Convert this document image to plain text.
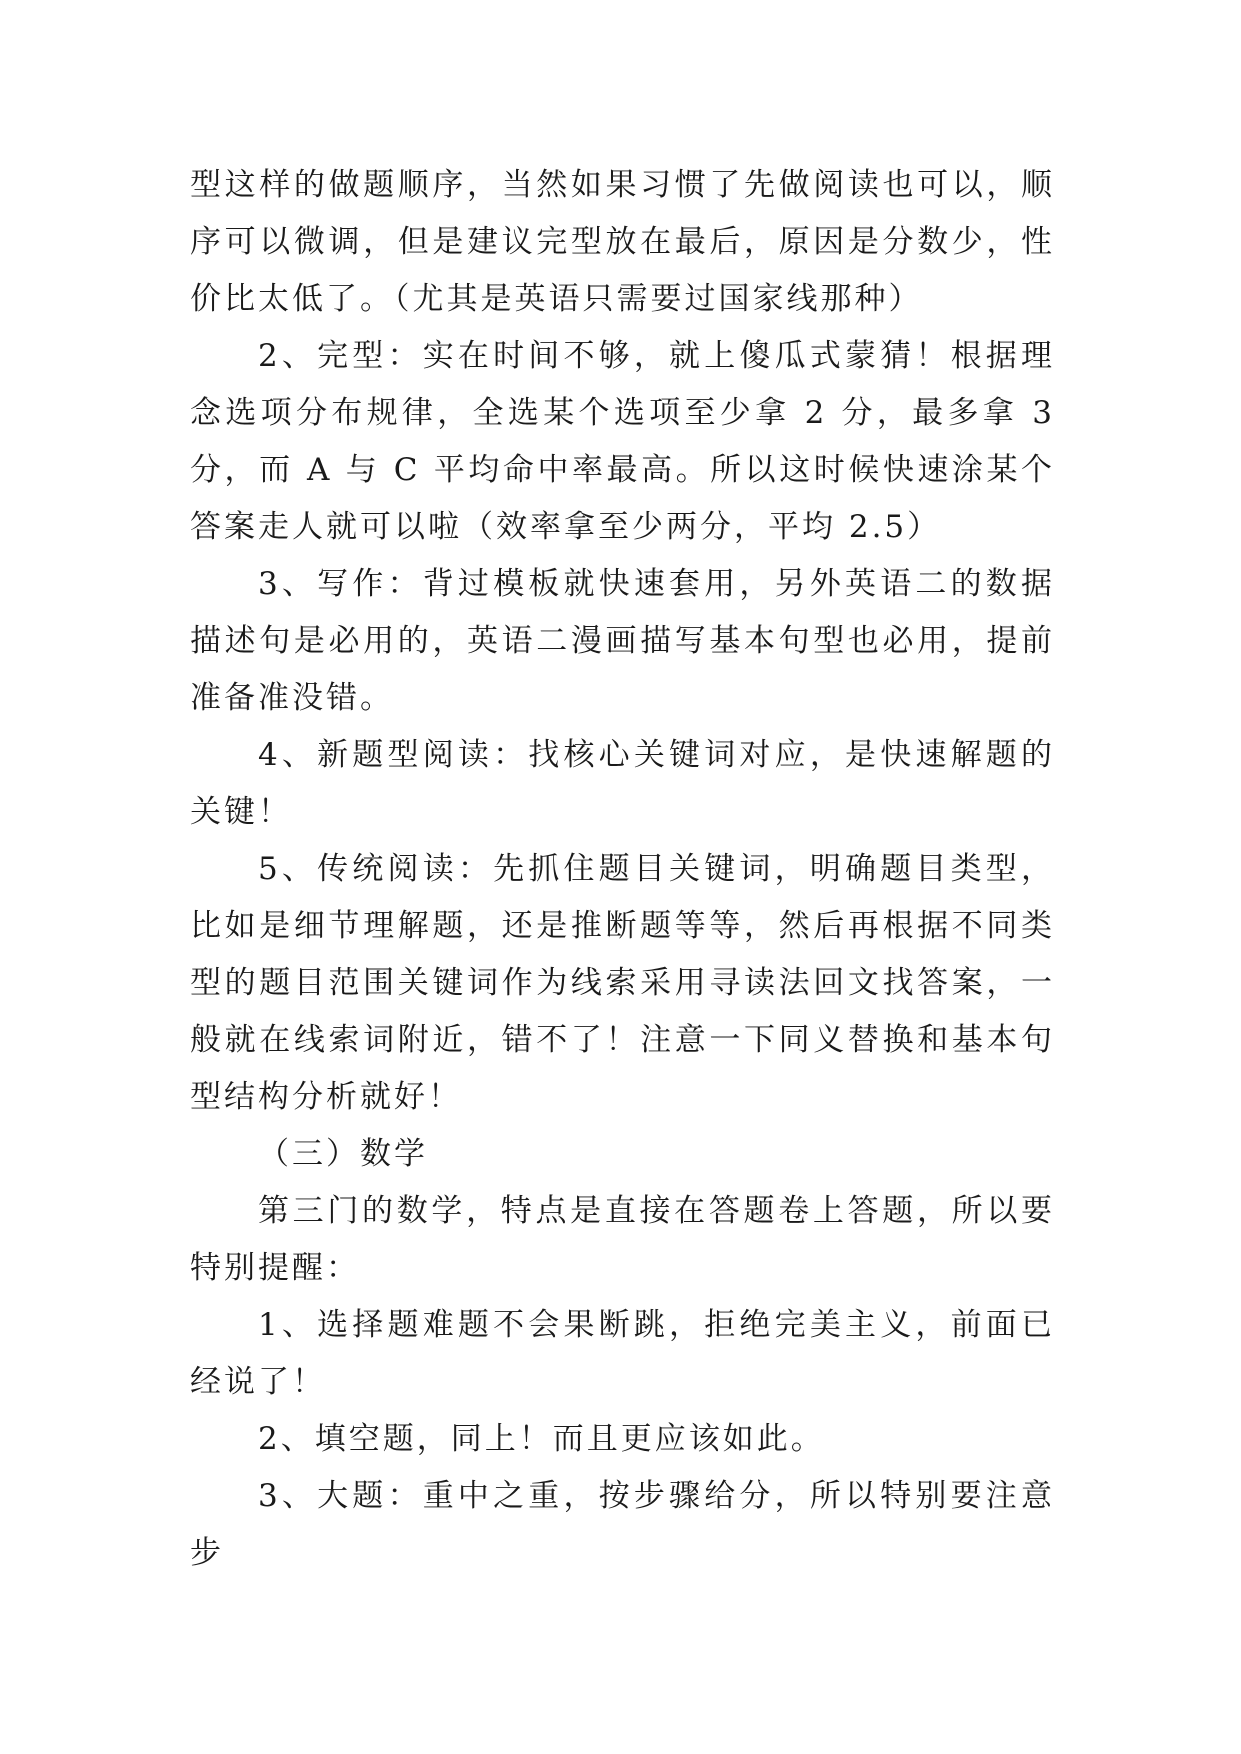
型这样的做题顺序，当然如果习惯了先做阅读也可以，顺序可以微调，但是建议完型放在最后，原因是分数少，性价比太低了。（尤其是英语只需要过国家线那种）

2、完型：实在时间不够，就上傻瓜式蒙猜！根据理念选项分布规律，全选某个选项至少拿 2 分，最多拿 3 分，而 A 与 C 平均命中率最高。所以这时候快速涂某个答案走人就可以啦（效率拿至少两分，平均 2.5）

3、写作：背过模板就快速套用，另外英语二的数据描述句是必用的，英语二漫画描写基本句型也必用，提前准备准没错。

4、新题型阅读：找核心关键词对应，是快速解题的关键！

5、传统阅读：先抓住题目关键词，明确题目类型，比如是细节理解题，还是推断题等等，然后再根据不同类型的题目范围关键词作为线索采用寻读法回文找答案，一般就在线索词附近，错不了！注意一下同义替换和基本句型结构分析就好！

（三）数学

第三门的数学，特点是直接在答题卷上答题，所以要特别提醒：

1、选择题难题不会果断跳，拒绝完美主义，前面已经说了！

2、填空题，同上！而且更应该如此。

3、大题：重中之重，按步骤给分，所以特别要注意步
